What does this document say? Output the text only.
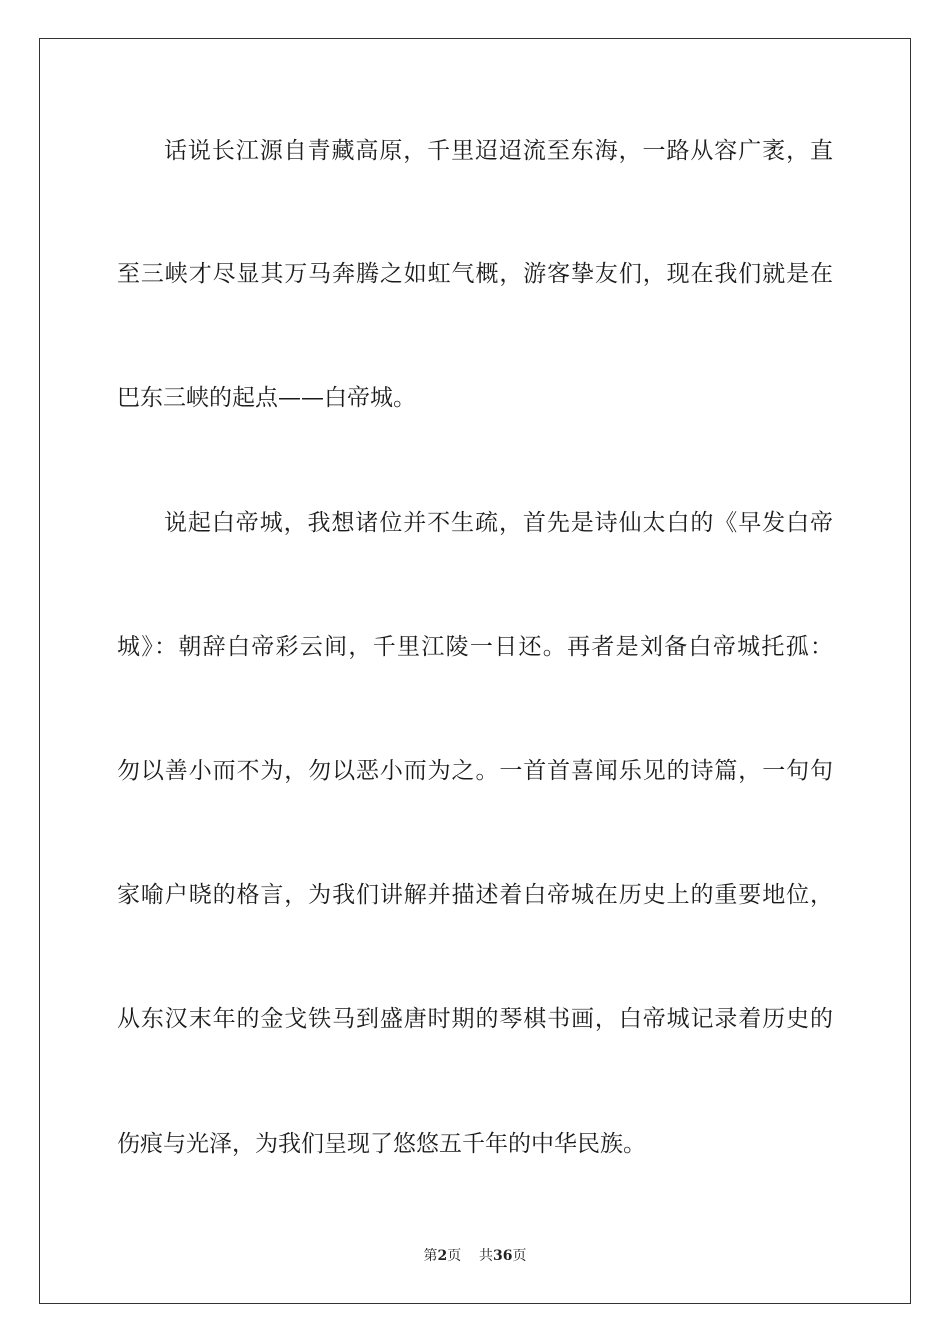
话说长江源自青藏高原，千里迢迢流至东海，一路从容广袤，直
至三峡才尽显其万马奔腾之如虹气概，游客挚友们，现在我们就是在
巴东三峡的起点——白帝城。
说起白帝城，我想诸位并不生疏，首先是诗仙太白的《早发白帝
城》：朝辞白帝彩云间，千里江陵一日还。再者是刘备白帝城托孤：
勿以善小而不为，勿以恶小而为之。一首首喜闻乐见的诗篇，一句句
家喻户晓的格言，为我们讲解并描述着白帝城在历史上的重要地位，
从东汉末年的金戈铁马到盛唐时期的琴棋书画，白帝城记录着历史的
伤痕与光泽，为我们呈现了悠悠五千年的中华民族。
第2页 共36页
